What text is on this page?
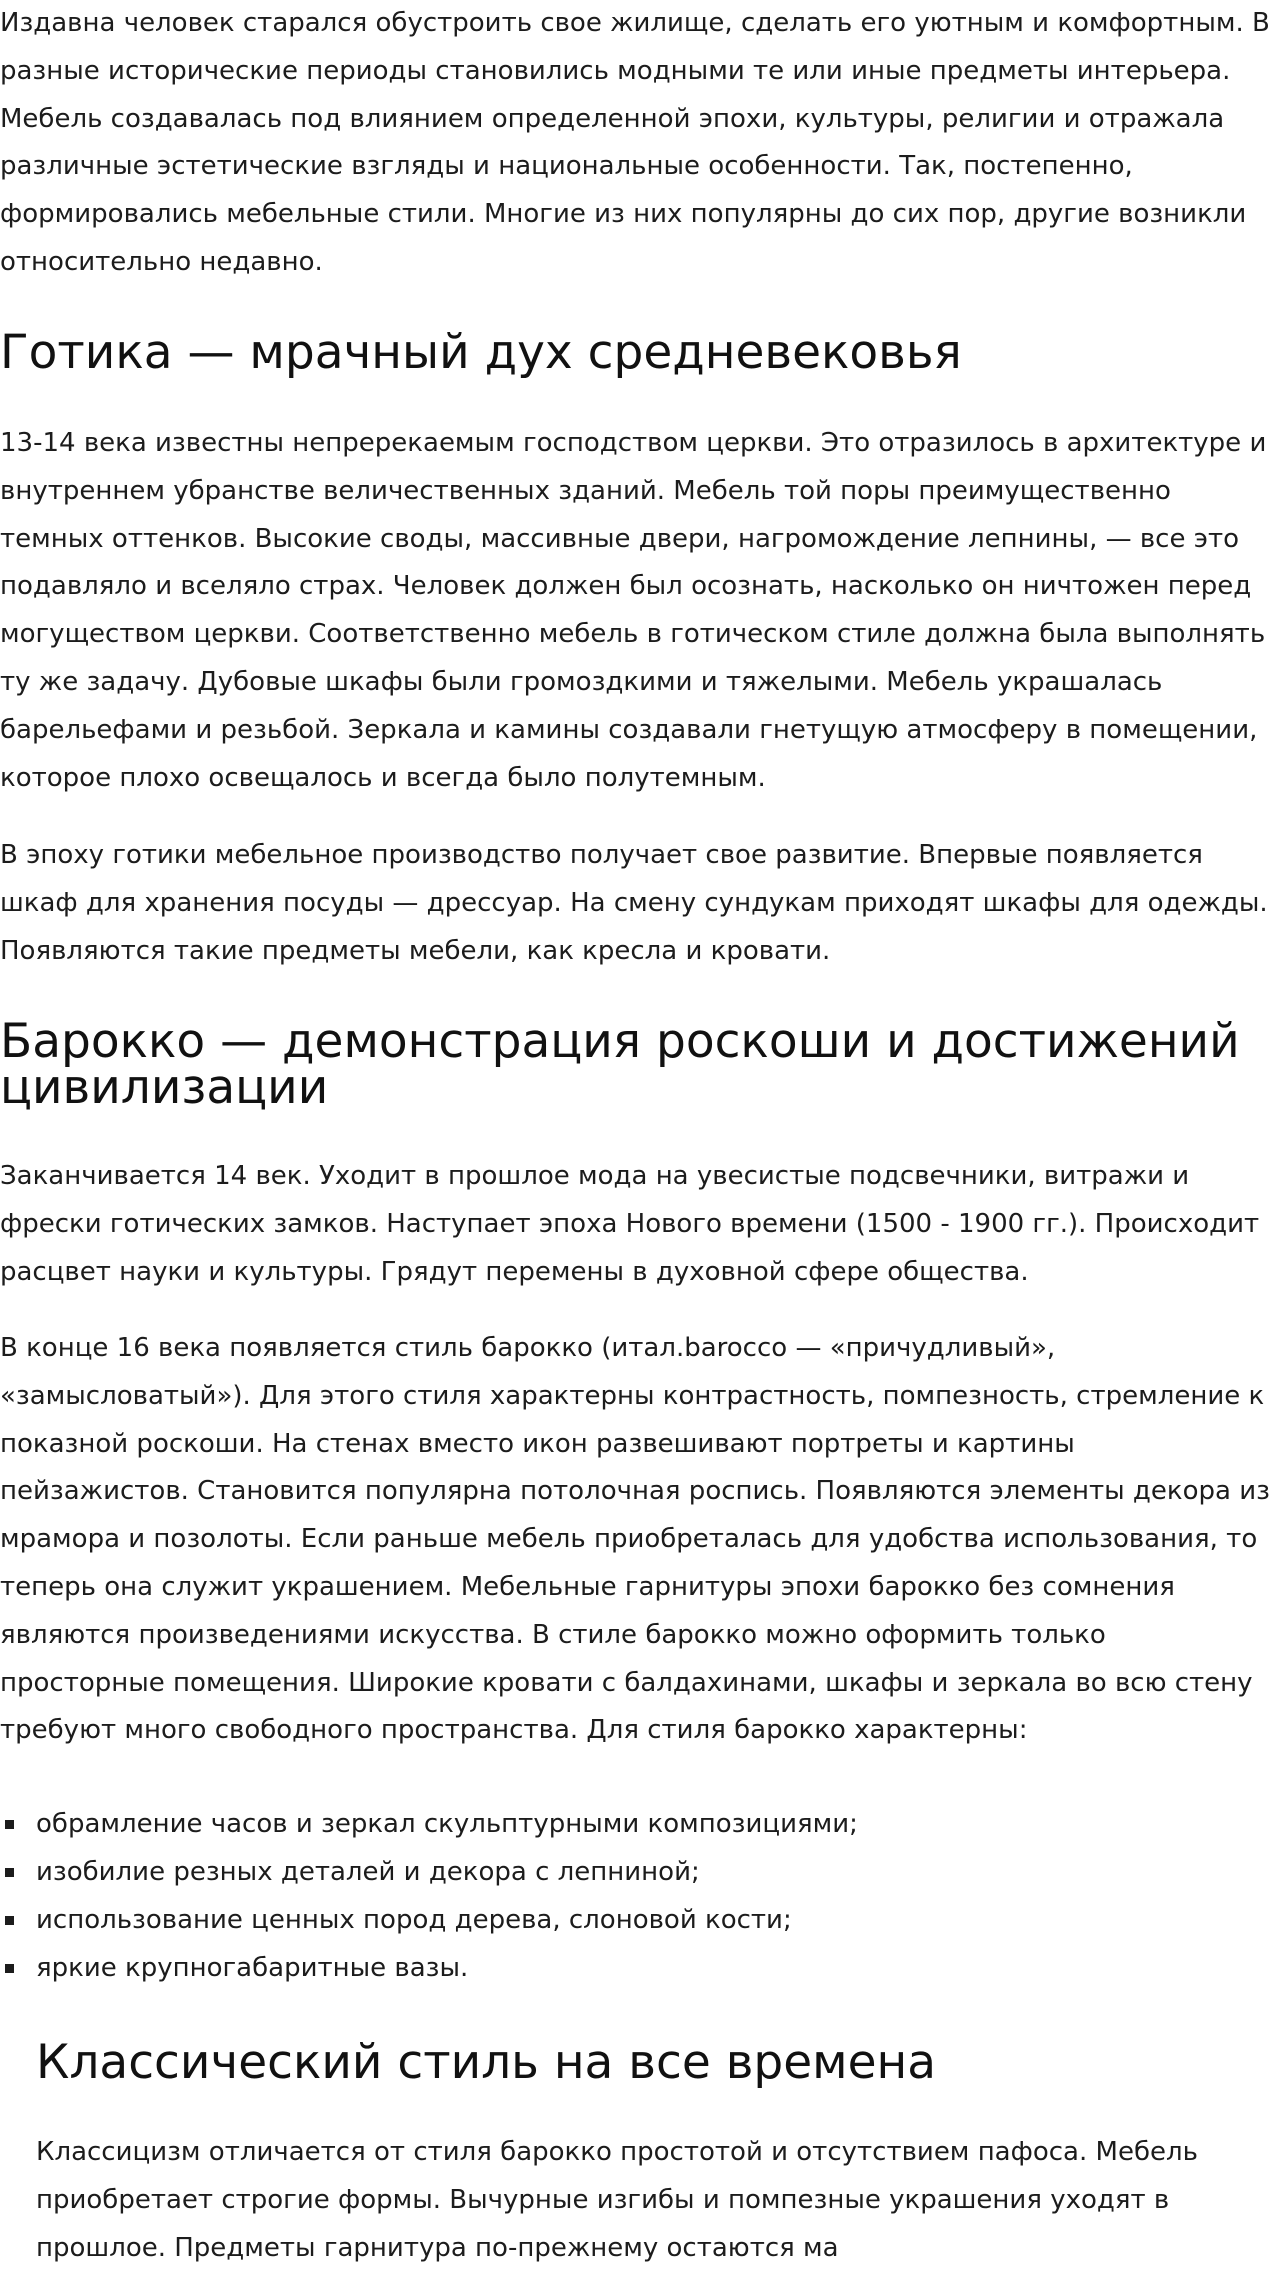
Издавна человек старался обустроить свое жилище, сделать его уютным и комфортным. В
разные исторические периоды становились модными те или иные предметы интерьера.
Мебель создавалась под влиянием определенной эпохи, культуры, религии и отражала
различные эстетические взгляды и национальные особенности. Так, постепенно,
формировались мебельные стили. Многие из них популярны до сих пор, другие возникли
относительно недавно.

Готика — мрачный дух средневековья

13-14 века известны непререкаемым господством церкви. Это отразилось в архитектуре и
внутреннем убранстве величественных зданий. Мебель той поры преимущественно
темных оттенков. Высокие своды, массивные двери, нагромождение лепнины, — все это
подавляло и вселяло страх. Человек должен был осознать, насколько он ничтожен перед
могуществом церкви. Соответственно мебель в готическом стиле должна была выполнять
ту же задачу. Дубовые шкафы были громоздкими и тяжелыми. Мебель украшалась
барельефами и резьбой. Зеркала и камины создавали гнетущую атмосферу в помещении,
которое плохо освещалось и всегда было полутемным.

В эпоху готики мебельное производство получает свое развитие. Впервые появляется
шкаф для хранения посуды — дрессуар. На смену сундукам приходят шкафы для одежды.
Появляются такие предметы мебели, как кресла и кровати.

Барокко — демонстрация роскоши и достижений
цивилизации

Заканчивается 14 век. Уходит в прошлое мода на увесистые подсвечники, витражи и
фрески готических замков. Наступает эпоха Нового времени (1500 - 1900 гг.). Происходит
расцвет науки и культуры. Грядут перемены в духовной сфере общества.

В конце 16 века появляется стиль барокко (итал.barocco — «причудливый»,
«замысловатый»). Для этого стиля характерны контрастность, помпезность, стремление к
показной роскоши. На стенах вместо икон развешивают портреты и картины
пейзажистов. Становится популярна потолочная роспись. Появляются элементы декора из
мрамора и позолоты. Если раньше мебель приобреталась для удобства использования, то
теперь она служит украшением. Мебельные гарнитуры эпохи барокко без сомнения
являются произведениями искусства. В стиле барокко можно оформить только
просторные помещения. Широкие кровати с балдахинами, шкафы и зеркала во всю стену
требуют много свободного пространства. Для стиля барокко характерны:

обрамление часов и зеркал скульптурными композициями;
изобилие резных деталей и декора с лепниной;
использование ценных пород дерева, слоновой кости;
яркие крупногабаритные вазы.
Классический стиль на все времена

Классицизм отличается от стиля барокко простотой и отсутствием пафоса. Мебель
приобретает строгие формы. Вычурные изгибы и помпезные украшения уходят в
прошлое. Предметы гарнитура по-прежнему остаются ма
